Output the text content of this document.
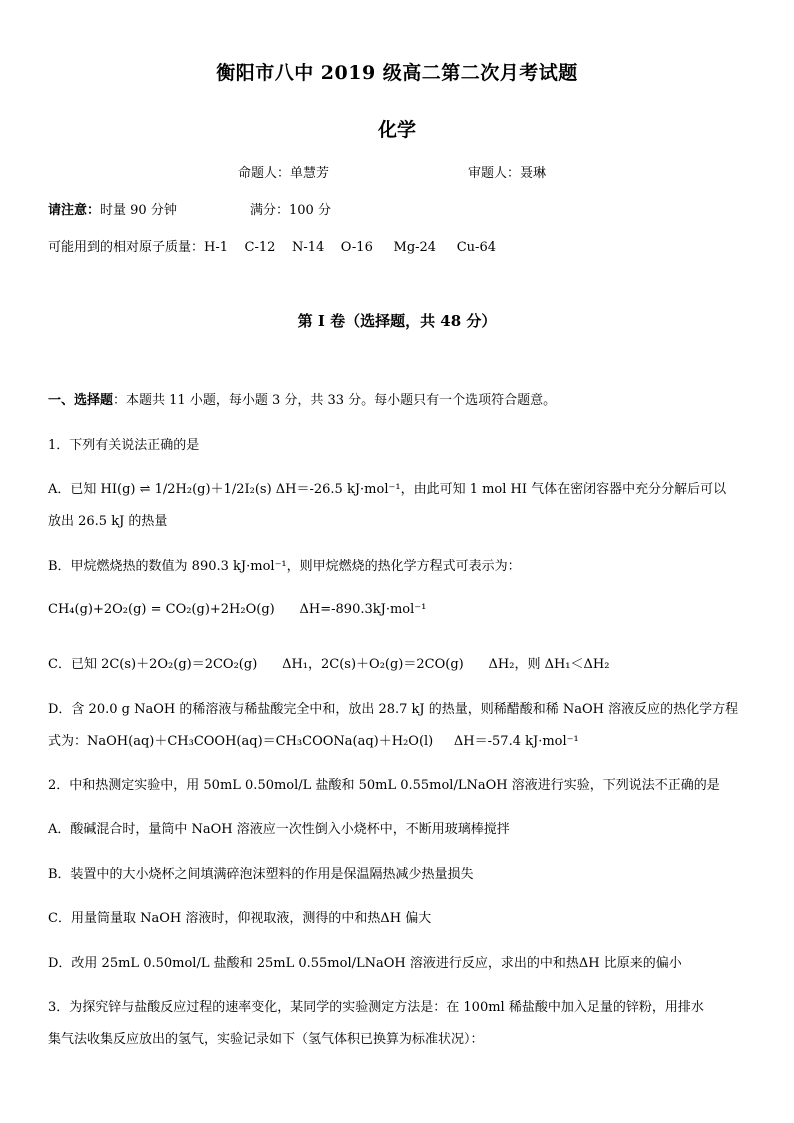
衡阳市八中 2019 级高二第二次月考试题
化学
命题人：单慧芳	审题人：聂琳
请注意：时量 90 分钟	满分：100 分
可能用到的相对原子质量：H-1    C-12    N-14    O-16     Mg-24     Cu-64
第 I 卷（选择题，共 48 分）
一、选择题：本题共 11 小题，每小题 3 分，共 33 分。每小题只有一个选项符合题意。
1．下列有关说法正确的是
A．已知 HI(g) ⇌ 1/2H₂(g)＋1/2I₂(s) ΔH＝-26.5 kJ·mol⁻¹，由此可知 1 mol HI 气体在密闭容器中充分分解后可以
放出 26.5 kJ 的热量
B．甲烷燃烧热的数值为 890.3 kJ·mol⁻¹，则甲烷燃烧的热化学方程式可表示为：
CH₄(g)+2O₂(g) = CO₂(g)+2H₂O(g)      ΔH=-890.3kJ·mol⁻¹
C．已知 2C(s)＋2O₂(g)＝2CO₂(g)      ΔH₁，2C(s)＋O₂(g)＝2CO(g)      ΔH₂，则 ΔH₁＜ΔH₂
D．含 20.0 g NaOH 的稀溶液与稀盐酸完全中和，放出 28.7 kJ 的热量，则稀醋酸和稀 NaOH 溶液反应的热化学方程
式为：NaOH(aq)＋CH₃COOH(aq)＝CH₃COONa(aq)＋H₂O(l)     ΔH＝-57.4 kJ·mol⁻¹
2．中和热测定实验中，用 50mL 0.50mol/L 盐酸和 50mL 0.55mol/LNaOH 溶液进行实验，下列说法不正确的是
A．酸碱混合时，量筒中 NaOH 溶液应一次性倒入小烧杯中，不断用玻璃棒搅拌
B．装置中的大小烧杯之间填满碎泡沫塑料的作用是保温隔热减少热量损失
C．用量筒量取 NaOH 溶液时，仰视取液，测得的中和热ΔH 偏大
D．改用 25mL 0.50mol/L 盐酸和 25mL 0.55mol/LNaOH 溶液进行反应，求出的中和热ΔH 比原来的偏小
3．为探究锌与盐酸反应过程的速率变化，某同学的实验测定方法是：在 100ml 稀盐酸中加入足量的锌粉，用排水
集气法收集反应放出的氢气，实验记录如下（氢气体积已换算为标准状况）：
